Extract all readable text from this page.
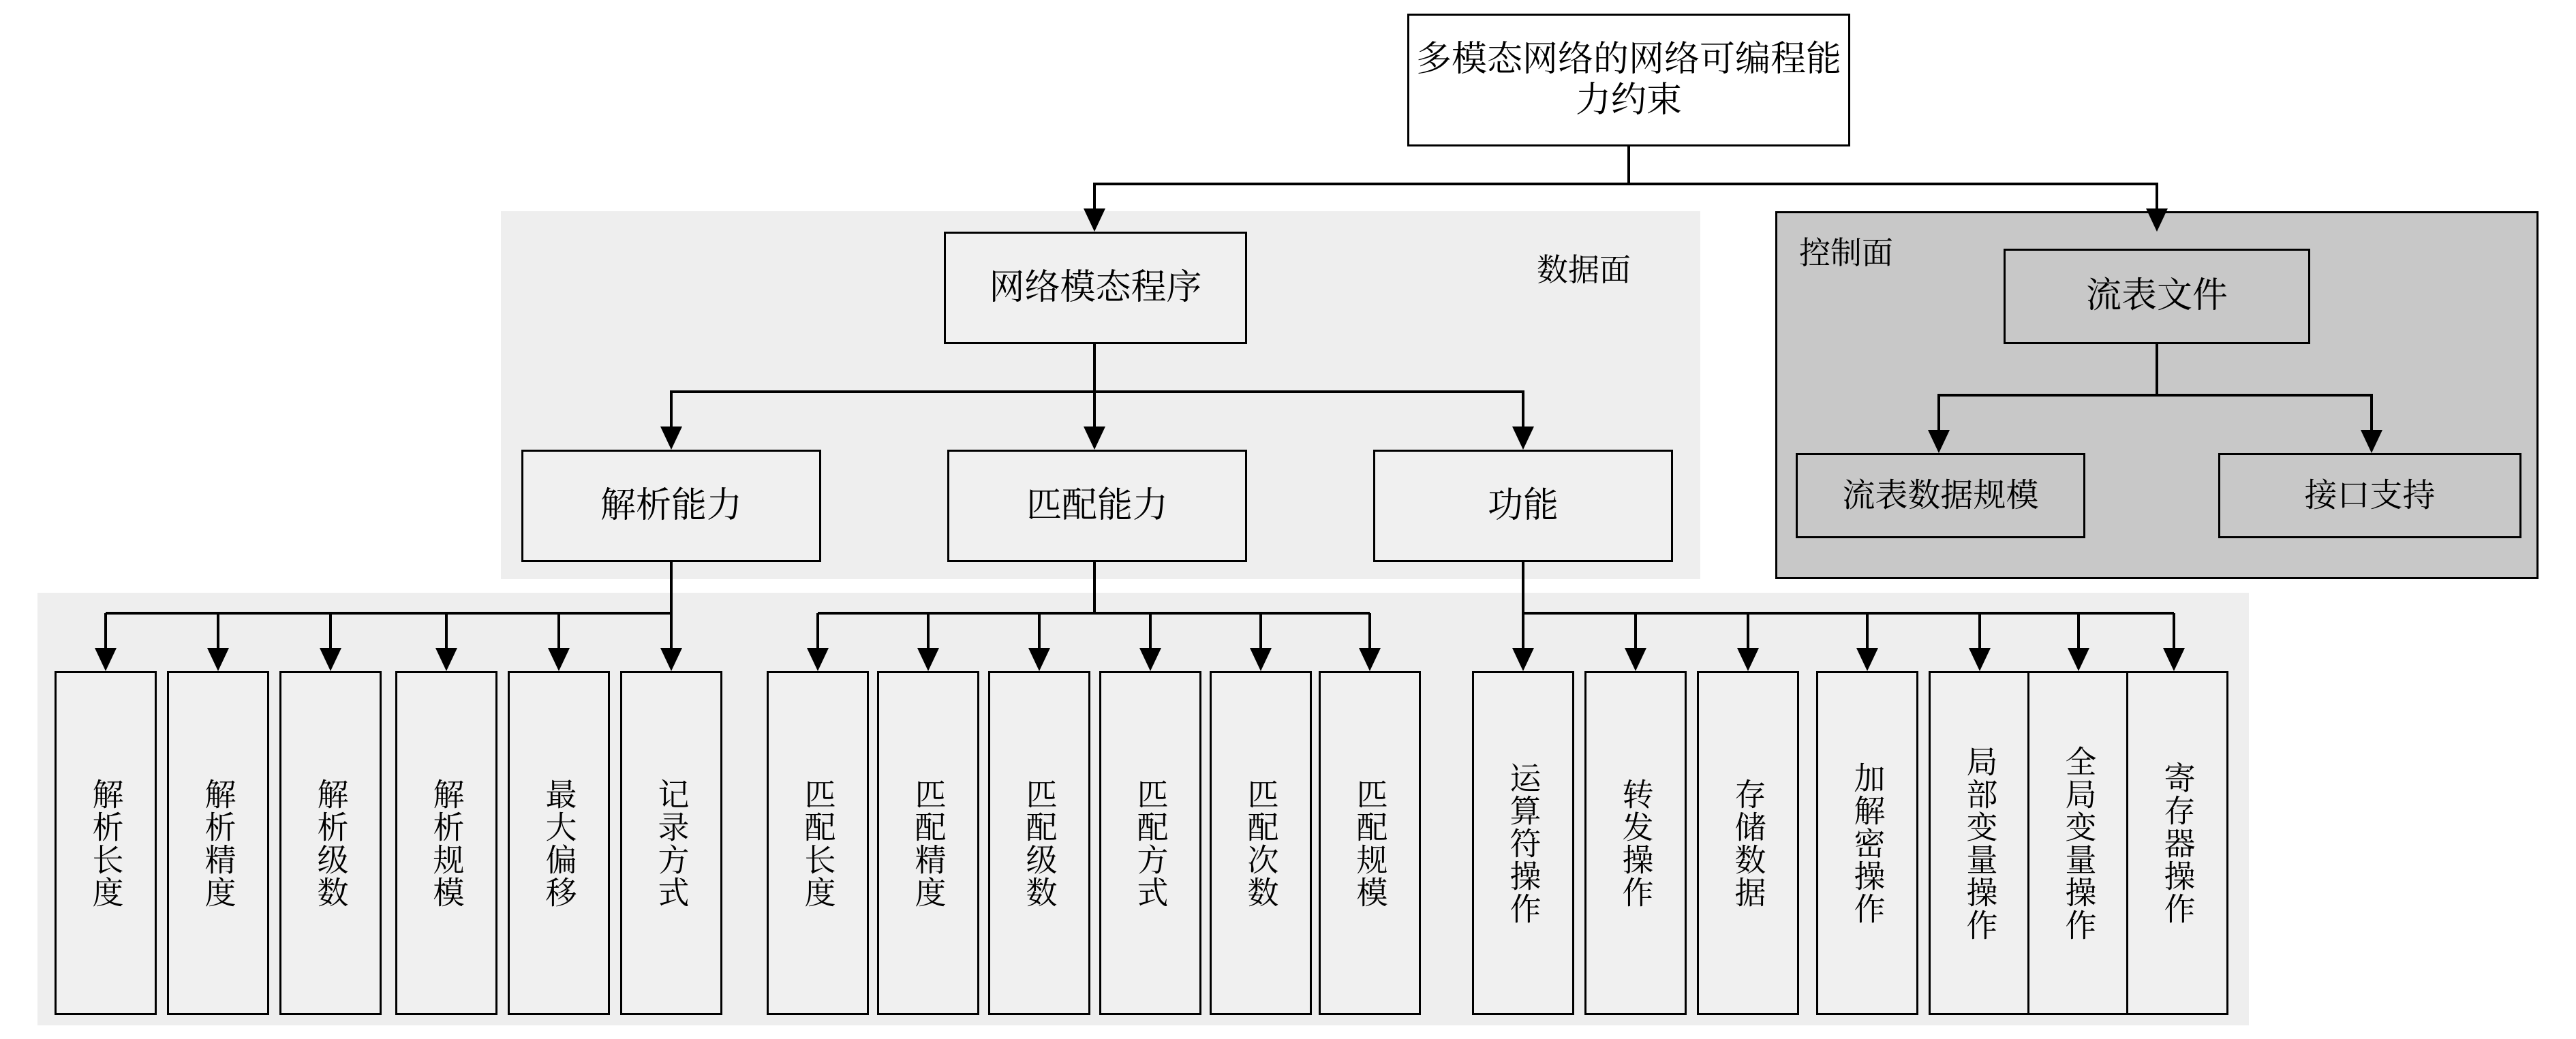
数据面	控制面
多模态网络的网络可编程能力约束
网络模态程序	流表文件
流表数据规模	接口支持
解析能力	匹配能力	功能
解析长度 解析精度 解析级数	解析规模 最大偏移 记录方式	匹配长度 匹配精度 匹配级数 匹配方式 匹配次数 匹配规模	运算符操作 转发操作 存储数据	加解密操作 局部变量操作 全局变量操作 寄存器操作
